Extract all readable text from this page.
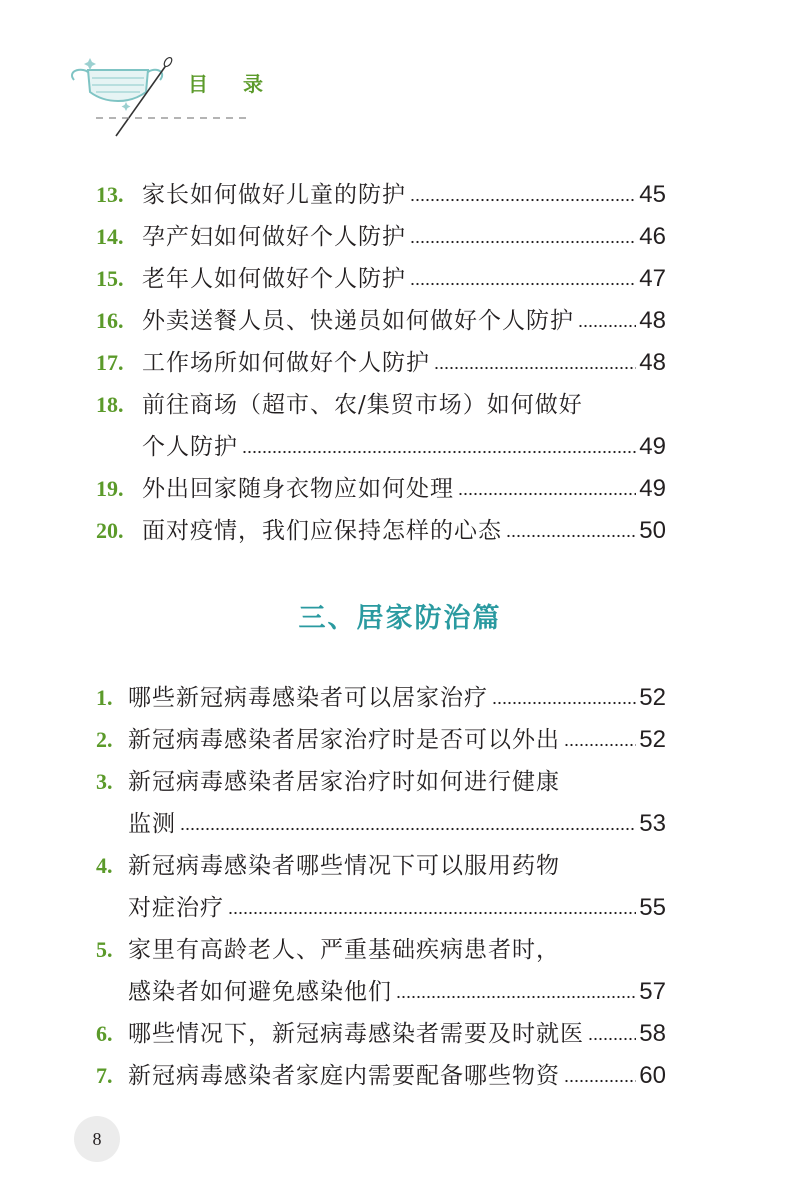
目 录
13. 家长如何做好儿童的防护	45
14. 孕产妇如何做好个人防护	46
15. 老年人如何做好个人防护	47
16. 外卖送餐人员、快递员如何做好个人防护	48
17. 工作场所如何做好个人防护	48
18. 前往商场（超市、农/集贸市场）如何做好
个人防护	49
19. 外出回家随身衣物应如何处理	49
20. 面对疫情，我们应保持怎样的心态	50
三、居家防治篇
1. 哪些新冠病毒感染者可以居家治疗	52
2. 新冠病毒感染者居家治疗时是否可以外出	52
3. 新冠病毒感染者居家治疗时如何进行健康
监测	53
4. 新冠病毒感染者哪些情况下可以服用药物
对症治疗	55
5. 家里有高龄老人、严重基础疾病患者时，
感染者如何避免感染他们	57
6. 哪些情况下，新冠病毒感染者需要及时就医 58
7. 新冠病毒感染者家庭内需要配备哪些物资	60
8
